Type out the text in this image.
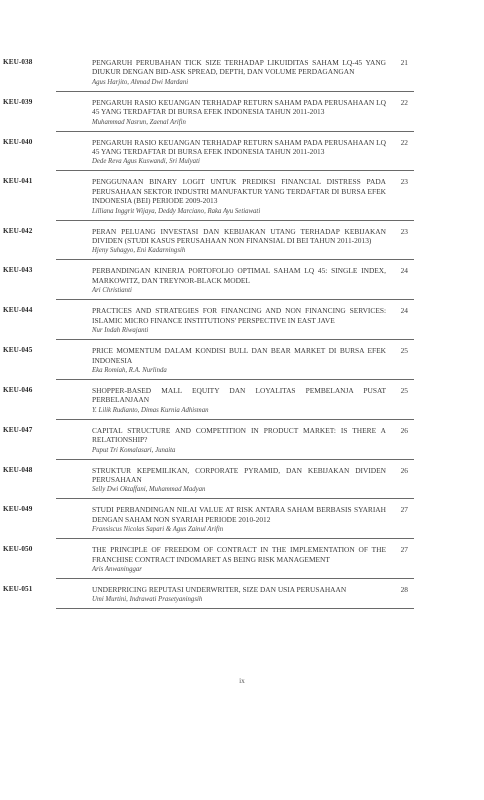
KEU-038	PENGARUH PERUBAHAN TICK SIZE TERHADAP LIKUIDITAS SAHAM LQ-45 YANG DIUKUR DENGAN BID-ASK SPREAD, DEPTH, DAN VOLUME PERDAGANGAN
Agus Harjito, Ahmad Dwi Mardani
21
KEU-039	PENGARUH RASIO KEUANGAN TERHADAP RETURN SAHAM PADA PERUSAHAAN LQ 45 YANG TERDAFTAR DI BURSA EFEK INDONESIA TAHUN 2011-2013
Muhammad Nasrun, Zaenal Arifin
22
KEU-040	PENGARUH RASIO KEUANGAN TERHADAP RETURN SAHAM PADA PERUSAHAAN LQ 45 YANG TERDAFTAR DI BURSA EFEK INDONESIA TAHUN 2011-2013
Dede Reva Agus Kuswandi, Sri Mulyati
22
KEU-041	PENGGUNAAN BINARY LOGIT UNTUK PREDIKSI FINANCIAL DISTRESS PADA PERUSAHAAN SEKTOR INDUSTRI MANUFAKTUR YANG TERDAFTAR DI BURSA EFEK INDONESIA (BEI) PERIODE 2009-2013
Lilliana Inggrit Wijaya, Deddy Marciano, Raka Ayu Setiawati
23
KEU-042	PERAN PELUANG INVESTASI DAN KEBIJAKAN UTANG TERHADAP KEBIJAKAN DIVIDEN (STUDI KASUS PERUSAHAAN NON FINANSIAL DI BEI TAHUN 2011-2013)
Hjeny Suhagyo, Eni Kadarningsih
23
KEU-043	PERBANDINGAN KINERJA PORTOFOLIO OPTIMAL SAHAM LQ 45: SINGLE INDEX, MARKOWITZ, DAN TREYNOR-BLACK MODEL
Ari Christianti
24
KEU-044	PRACTICES AND STRATEGIES FOR FINANCING AND NON FINANCING SERVICES: ISLAMIC MICRO FINANCE INSTITUTIONS' PERSPECTIVE IN EAST JAVE
Nur Indah Riwajanti
24
KEU-045	PRICE MOMENTUM DALAM KONDISI BULL DAN BEAR MARKET DI BURSA EFEK INDONESIA
Eka Romiah, R.A. Nurlinda
25
KEU-046	SHOPPER-BASED MALL EQUITY DAN LOYALITAS PEMBELANJA PUSAT PERBELANJAAN
Y. Lilik Rudianto, Dimas Kurnia Adhisman
25
KEU-047	CAPITAL STRUCTURE AND COMPETITION IN PRODUCT MARKET: IS THERE A RELATIONSHIP?
Puput Tri Komalasari, Junaita
26
KEU-048	STRUKTUR KEPEMILIKAN, CORPORATE PYRAMID, DAN KEBIJAKAN DIVIDEN PERUSAHAAN
Selly Dwi Oktaffani, Muhammad Madyan
26
KEU-049	STUDI PERBANDINGAN NILAI VALUE AT RISK ANTARA SAHAM BERBASIS SYARIAH DENGAN SAHAM NON SYARIAH PERIODE 2010-2012
Fransiscus Nicolas Sapari & Agus Zainul Arifin
27
KEU-050	THE PRINCIPLE OF FREEDOM OF CONTRACT IN THE IMPLEMENTATION OF THE FRANCHISE CONTRACT INDOMARET AS BEING RISK MANAGEMENT
Aris Anwaninggar
27
KEU-051	UNDERPRICING REPUTASI UNDERWRITER, SIZE DAN USIA PERUSAHAAN
Umi Murtini, Indrawati Prasetyaningsih
28
ix
